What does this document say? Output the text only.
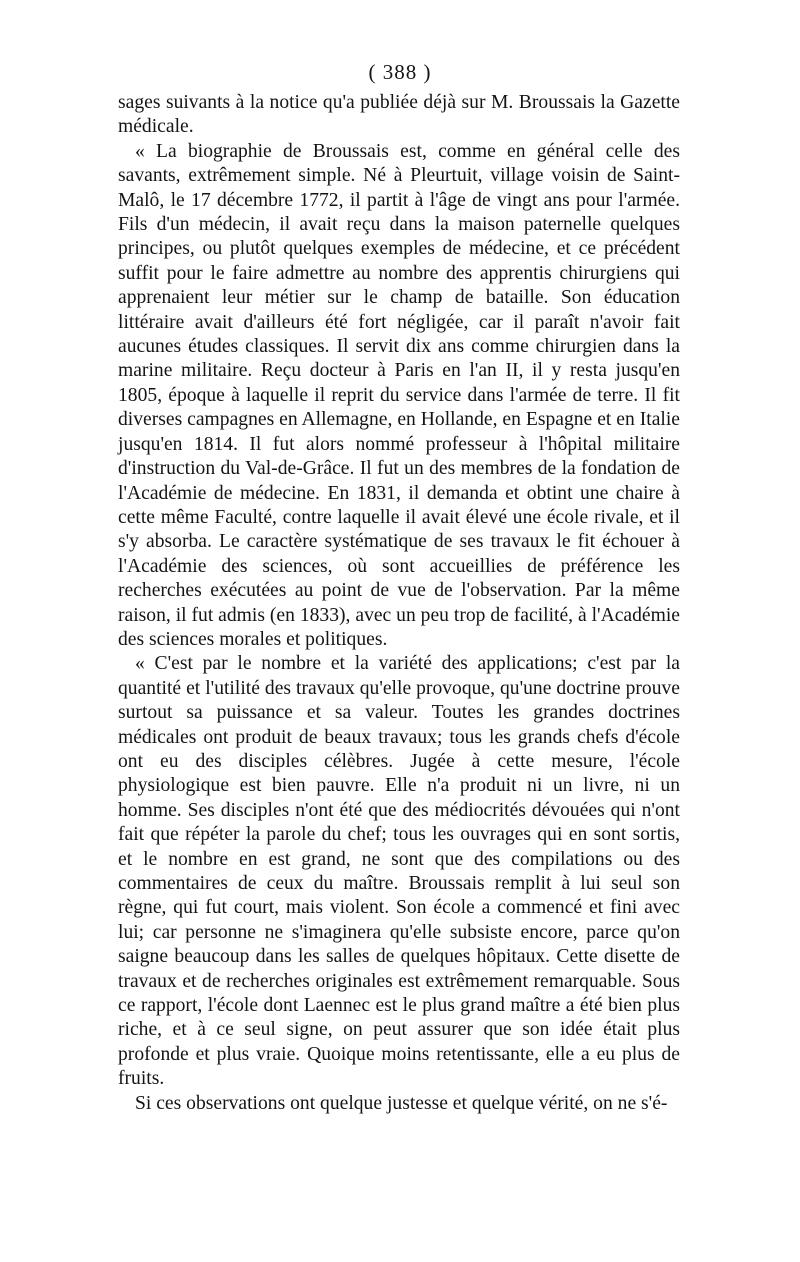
( 388 )

sages suivants à la notice qu'a publiée déjà sur M. Broussais la Gazette médicale.

« La biographie de Broussais est, comme en général celle des savants, extrêmement simple. Né à Pleurtuit, village voisin de Saint-Malô, le 17 décembre 1772, il partit à l'âge de vingt ans pour l'armée. Fils d'un médecin, il avait reçu dans la maison paternelle quelques principes, ou plutôt quelques exemples de médecine, et ce précédent suffit pour le faire admettre au nombre des apprentis chirurgiens qui apprenaient leur métier sur le champ de bataille. Son éducation littéraire avait d'ailleurs été fort négligée, car il paraît n'avoir fait aucunes études classiques. Il servit dix ans comme chirurgien dans la marine militaire. Reçu docteur à Paris en l'an II, il y resta jusqu'en 1805, époque à laquelle il reprit du service dans l'armée de terre. Il fit diverses campagnes en Allemagne, en Hollande, en Espagne et en Italie jusqu'en 1814. Il fut alors nommé professeur à l'hôpital militaire d'instruction du Val-de-Grâce. Il fut un des membres de la fondation de l'Académie de médecine. En 1831, il demanda et obtint une chaire à cette même Faculté, contre laquelle il avait élevé une école rivale, et il s'y absorba. Le caractère systématique de ses travaux le fit échouer à l'Académie des sciences, où sont accueillies de préférence les recherches exécutées au point de vue de l'observation. Par la même raison, il fut admis (en 1833), avec un peu trop de facilité, à l'Académie des sciences morales et politiques.

« C'est par le nombre et la variété des applications; c'est par la quantité et l'utilité des travaux qu'elle provoque, qu'une doctrine prouve surtout sa puissance et sa valeur. Toutes les grandes doctrines médicales ont produit de beaux travaux; tous les grands chefs d'école ont eu des disciples célèbres. Jugée à cette mesure, l'école physiologique est bien pauvre. Elle n'a produit ni un livre, ni un homme. Ses disciples n'ont été que des médiocrités dévouées qui n'ont fait que répéter la parole du chef; tous les ouvrages qui en sont sortis, et le nombre en est grand, ne sont que des compilations ou des commentaires de ceux du maître. Broussais remplit à lui seul son règne, qui fut court, mais violent. Son école a commencé et fini avec lui; car personne ne s'imaginera qu'elle subsiste encore, parce qu'on saigne beaucoup dans les salles de quelques hôpitaux. Cette disette de travaux et de recherches originales est extrêmement remarquable. Sous ce rapport, l'école dont Laennec est le plus grand maître a été bien plus riche, et à ce seul signe, on peut assurer que son idée était plus profonde et plus vraie. Quoique moins retentissante, elle a eu plus de fruits.

Si ces observations ont quelque justesse et quelque vérité, on ne s'é-
